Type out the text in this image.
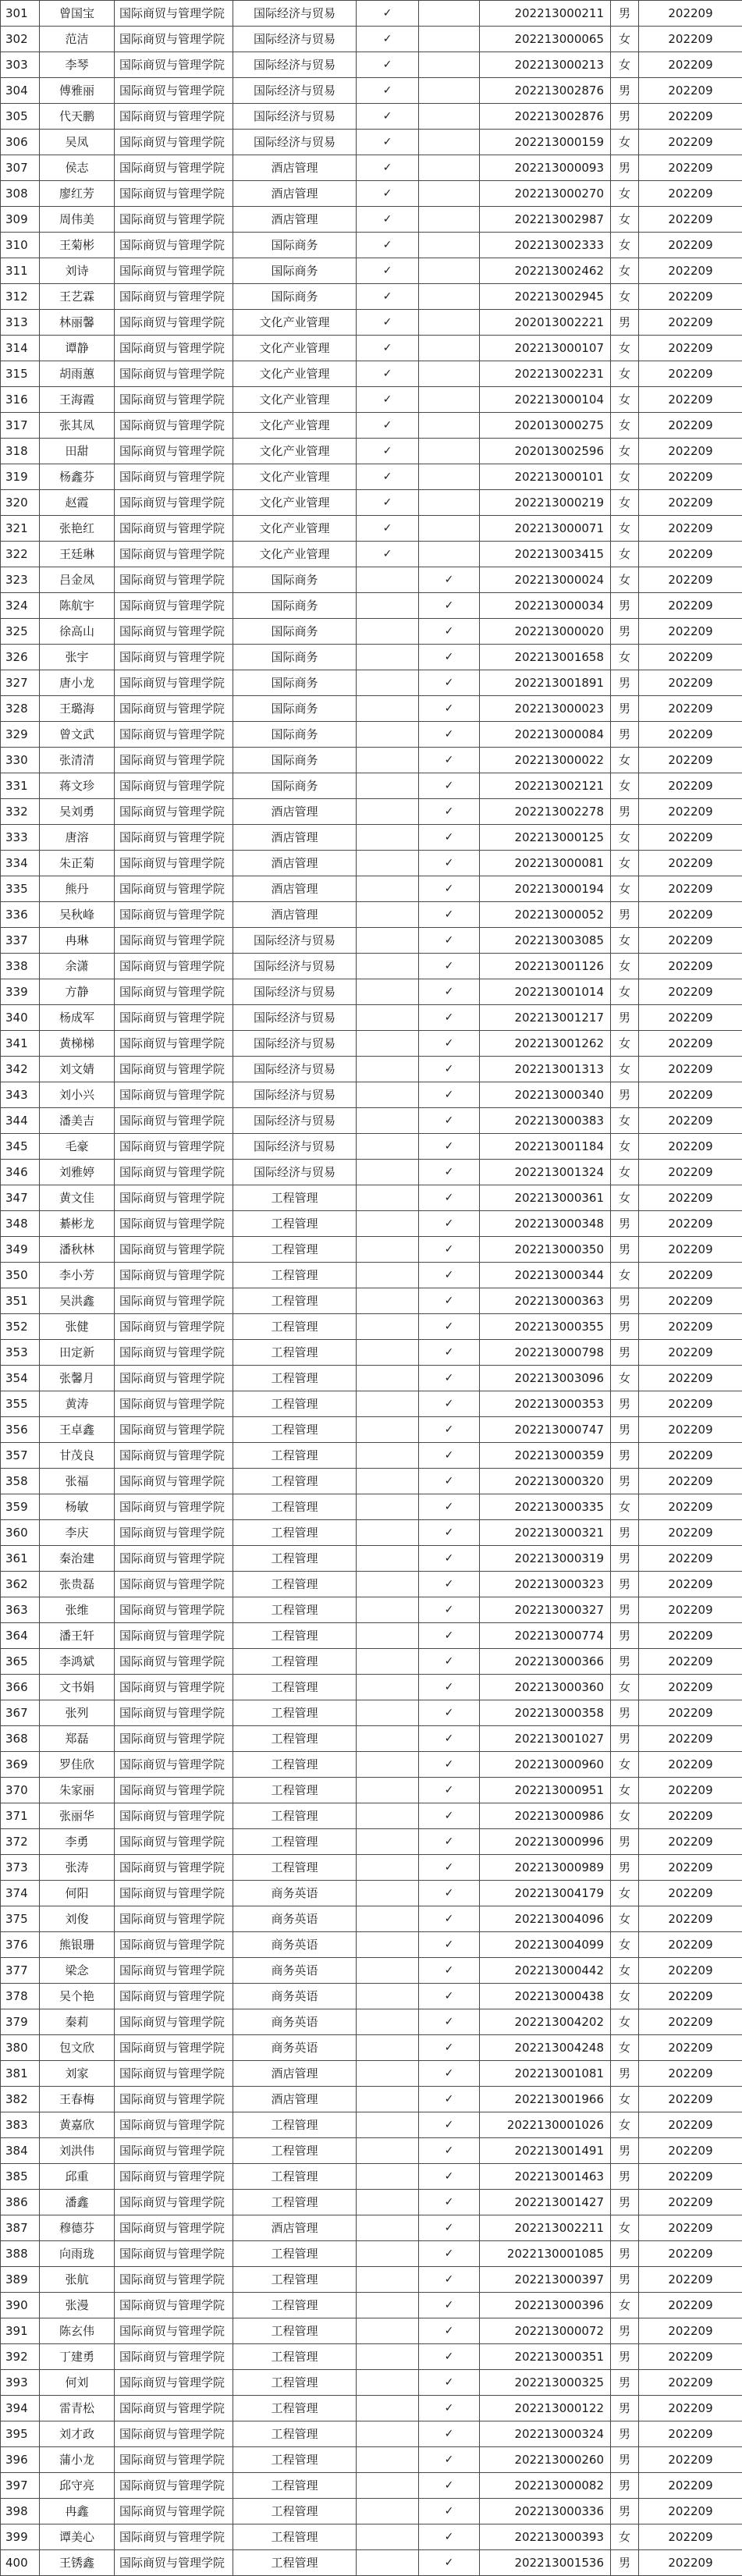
301	曾国宝	国际商贸与管理学院	国际经济与贸易	✓		202213000211	男	202209
302	范洁	国际商贸与管理学院	国际经济与贸易	✓		202213000065	女	202209
303	李琴	国际商贸与管理学院	国际经济与贸易	✓		202213000213	女	202209
304	傅雅丽	国际商贸与管理学院	国际经济与贸易	✓		202213002876	男	202209
305	代天鹏	国际商贸与管理学院	国际经济与贸易	✓		202213002876	男	202209
306	吴凤	国际商贸与管理学院	国际经济与贸易	✓		202213000159	女	202209
307	侯志	国际商贸与管理学院	酒店管理	✓		202213000093	男	202209
308	廖红芳	国际商贸与管理学院	酒店管理	✓		202213000270	女	202209
309	周伟美	国际商贸与管理学院	酒店管理	✓		202213002987	女	202209
310	王菊彬	国际商贸与管理学院	国际商务	✓		202213002333	女	202209
311	刘诗	国际商贸与管理学院	国际商务	✓		202213002462	女	202209
312	王艺霖	国际商贸与管理学院	国际商务	✓		202213002945	女	202209
313	林丽馨	国际商贸与管理学院	文化产业管理	✓		202013002221	男	202209
314	谭静	国际商贸与管理学院	文化产业管理	✓		202213000107	女	202209
315	胡雨蕙	国际商贸与管理学院	文化产业管理	✓		202213002231	女	202209
316	王海霞	国际商贸与管理学院	文化产业管理	✓		202213000104	女	202209
317	张其凤	国际商贸与管理学院	文化产业管理	✓		202013000275	女	202209
318	田甜	国际商贸与管理学院	文化产业管理	✓		202013002596	女	202209
319	杨鑫芬	国际商贸与管理学院	文化产业管理	✓		202213000101	女	202209
320	赵霞	国际商贸与管理学院	文化产业管理	✓		202213000219	女	202209
321	张艳红	国际商贸与管理学院	文化产业管理	✓		202213000071	女	202209
322	王廷琳	国际商贸与管理学院	文化产业管理	✓		202213003415	女	202209
323	吕金凤	国际商贸与管理学院	国际商务		✓	202213000024	女	202209
324	陈航宇	国际商贸与管理学院	国际商务		✓	202213000034	男	202209
325	徐高山	国际商贸与管理学院	国际商务		✓	202213000020	男	202209
326	张宇	国际商贸与管理学院	国际商务		✓	202213001658	女	202209
327	唐小龙	国际商贸与管理学院	国际商务		✓	202213001891	男	202209
328	王璐海	国际商贸与管理学院	国际商务		✓	202213000023	男	202209
329	曾文武	国际商贸与管理学院	国际商务		✓	202213000084	男	202209
330	张清清	国际商贸与管理学院	国际商务		✓	202213000022	女	202209
331	蒋文珍	国际商贸与管理学院	国际商务		✓	202213002121	女	202209
332	吴刘勇	国际商贸与管理学院	酒店管理		✓	202213002278	男	202209
333	唐溶	国际商贸与管理学院	酒店管理		✓	202213000125	女	202209
334	朱正菊	国际商贸与管理学院	酒店管理		✓	202213000081	女	202209
335	熊丹	国际商贸与管理学院	酒店管理		✓	202213000194	女	202209
336	吴秋峰	国际商贸与管理学院	酒店管理		✓	202213000052	男	202209
337	冉琳	国际商贸与管理学院	国际经济与贸易		✓	202213003085	女	202209
338	余潇	国际商贸与管理学院	国际经济与贸易		✓	202213001126	女	202209
339	方静	国际商贸与管理学院	国际经济与贸易		✓	202213001014	女	202209
340	杨成军	国际商贸与管理学院	国际经济与贸易		✓	202213001217	男	202209
341	黄梯梯	国际商贸与管理学院	国际经济与贸易		✓	202213001262	女	202209
342	刘文婧	国际商贸与管理学院	国际经济与贸易		✓	202213001313	女	202209
343	刘小兴	国际商贸与管理学院	国际经济与贸易		✓	202213000340	男	202209
344	潘美吉	国际商贸与管理学院	国际经济与贸易		✓	202213000383	女	202209
345	毛豪	国际商贸与管理学院	国际经济与贸易		✓	202213001184	女	202209
346	刘雅婷	国际商贸与管理学院	国际经济与贸易		✓	202213001324	女	202209
347	黄文佳	国际商贸与管理学院	工程管理		✓	202213000361	女	202209
348	綦彬龙	国际商贸与管理学院	工程管理		✓	202213000348	男	202209
349	潘秋林	国际商贸与管理学院	工程管理		✓	202213000350	男	202209
350	李小芳	国际商贸与管理学院	工程管理		✓	202213000344	女	202209
351	吴洪鑫	国际商贸与管理学院	工程管理		✓	202213000363	男	202209
352	张健	国际商贸与管理学院	工程管理		✓	202213000355	男	202209
353	田定新	国际商贸与管理学院	工程管理		✓	202213000798	男	202209
354	张馨月	国际商贸与管理学院	工程管理		✓	202213003096	女	202209
355	黄涛	国际商贸与管理学院	工程管理		✓	202213000353	男	202209
356	王卓鑫	国际商贸与管理学院	工程管理		✓	202213000747	男	202209
357	甘茂良	国际商贸与管理学院	工程管理		✓	202213000359	男	202209
358	张福	国际商贸与管理学院	工程管理		✓	202213000320	男	202209
359	杨敏	国际商贸与管理学院	工程管理		✓	202213000335	女	202209
360	李庆	国际商贸与管理学院	工程管理		✓	202213000321	男	202209
361	秦治建	国际商贸与管理学院	工程管理		✓	202213000319	男	202209
362	张贵磊	国际商贸与管理学院	工程管理		✓	202213000323	男	202209
363	张维	国际商贸与管理学院	工程管理		✓	202213000327	男	202209
364	潘王轩	国际商贸与管理学院	工程管理		✓	202213000774	男	202209
365	李鸿斌	国际商贸与管理学院	工程管理		✓	202213000366	男	202209
366	文书娟	国际商贸与管理学院	工程管理		✓	202213000360	女	202209
367	张列	国际商贸与管理学院	工程管理		✓	202213000358	男	202209
368	郑磊	国际商贸与管理学院	工程管理		✓	202213001027	男	202209
369	罗佳欣	国际商贸与管理学院	工程管理		✓	202213000960	女	202209
370	朱家丽	国际商贸与管理学院	工程管理		✓	202213000951	女	202209
371	张丽华	国际商贸与管理学院	工程管理		✓	202213000986	女	202209
372	李勇	国际商贸与管理学院	工程管理		✓	202213000996	男	202209
373	张涛	国际商贸与管理学院	工程管理		✓	202213000989	男	202209
374	何阳	国际商贸与管理学院	商务英语		✓	202213004179	女	202209
375	刘俊	国际商贸与管理学院	商务英语		✓	202213004096	女	202209
376	熊银珊	国际商贸与管理学院	商务英语		✓	202213004099	女	202209
377	梁念	国际商贸与管理学院	商务英语		✓	202213000442	女	202209
378	吴个艳	国际商贸与管理学院	商务英语		✓	202213000438	女	202209
379	秦莉	国际商贸与管理学院	商务英语		✓	202213004202	女	202209
380	包文欣	国际商贸与管理学院	商务英语		✓	202213004248	女	202209
381	刘家	国际商贸与管理学院	酒店管理		✓	202213001081	男	202209
382	王春梅	国际商贸与管理学院	酒店管理		✓	202213001966	女	202209
383	黄嘉欣	国际商贸与管理学院	工程管理		✓	2022130001026	女	202209
384	刘洪伟	国际商贸与管理学院	工程管理		✓	202213001491	男	202209
385	邱重	国际商贸与管理学院	工程管理		✓	202213001463	男	202209
386	潘鑫	国际商贸与管理学院	工程管理		✓	202213001427	男	202209
387	穆德芬	国际商贸与管理学院	酒店管理		✓	202213002211	女	202209
388	向雨珑	国际商贸与管理学院	工程管理		✓	2022130001085	男	202209
389	张航	国际商贸与管理学院	工程管理		✓	202213000397	男	202209
390	张漫	国际商贸与管理学院	工程管理		✓	202213000396	女	202209
391	陈玄伟	国际商贸与管理学院	工程管理		✓	202213000072	男	202209
392	丁建勇	国际商贸与管理学院	工程管理		✓	202213000351	男	202209
393	何刘	国际商贸与管理学院	工程管理		✓	202213000325	男	202209
394	雷青松	国际商贸与管理学院	工程管理		✓	202213000122	男	202209
395	刘才政	国际商贸与管理学院	工程管理		✓	202213000324	男	202209
396	蒲小龙	国际商贸与管理学院	工程管理		✓	202213000260	男	202209
397	邱守亮	国际商贸与管理学院	工程管理		✓	202213000082	男	202209
398	冉鑫	国际商贸与管理学院	工程管理		✓	202213000336	男	202209
399	谭美心	国际商贸与管理学院	工程管理		✓	202213000393	女	202209
400	王锈鑫	国际商贸与管理学院	工程管理		✓	202213001536	男	202209
